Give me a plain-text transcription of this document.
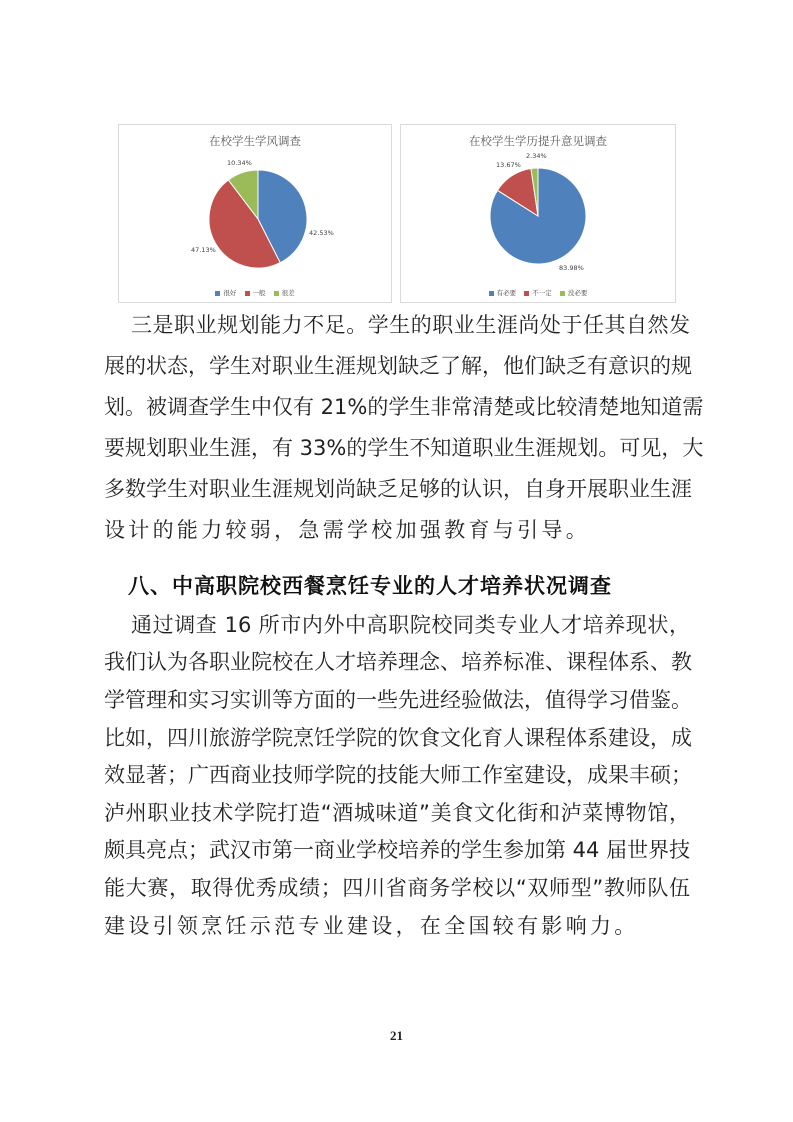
在校学生学风调查
42.53%
47.13%
10.34%
很好 一般 很差
在校学生学历提升意见调查
83.98%
13.67%
2.34%
有必要 不一定 没必要
三是职业规划能力不足。学生的职业生涯尚处于任其自然发
展的状态，学生对职业生涯规划缺乏了解，他们缺乏有意识的规
划。被调查学生中仅有 21%的学生非常清楚或比较清楚地知道需
要规划职业生涯，有 33%的学生不知道职业生涯规划。可见，大
多数学生对职业生涯规划尚缺乏足够的认识，自身开展职业生涯
设计的能力较弱，急需学校加强教育与引导。
八、中高职院校西餐烹饪专业的人才培养状况调查
通过调查 16 所市内外中高职院校同类专业人才培养现状，
我们认为各职业院校在人才培养理念、培养标准、课程体系、教
学管理和实习实训等方面的一些先进经验做法，值得学习借鉴。
比如，四川旅游学院烹饪学院的饮食文化育人课程体系建设，成
效显著；广西商业技师学院的技能大师工作室建设，成果丰硕；
泸州职业技术学院打造“酒城味道”美食文化街和泸菜博物馆，
颇具亮点；武汉市第一商业学校培养的学生参加第 44 届世界技
能大赛，取得优秀成绩；四川省商务学校以“双师型”教师队伍
建设引领烹饪示范专业建设，在全国较有影响力。
21
